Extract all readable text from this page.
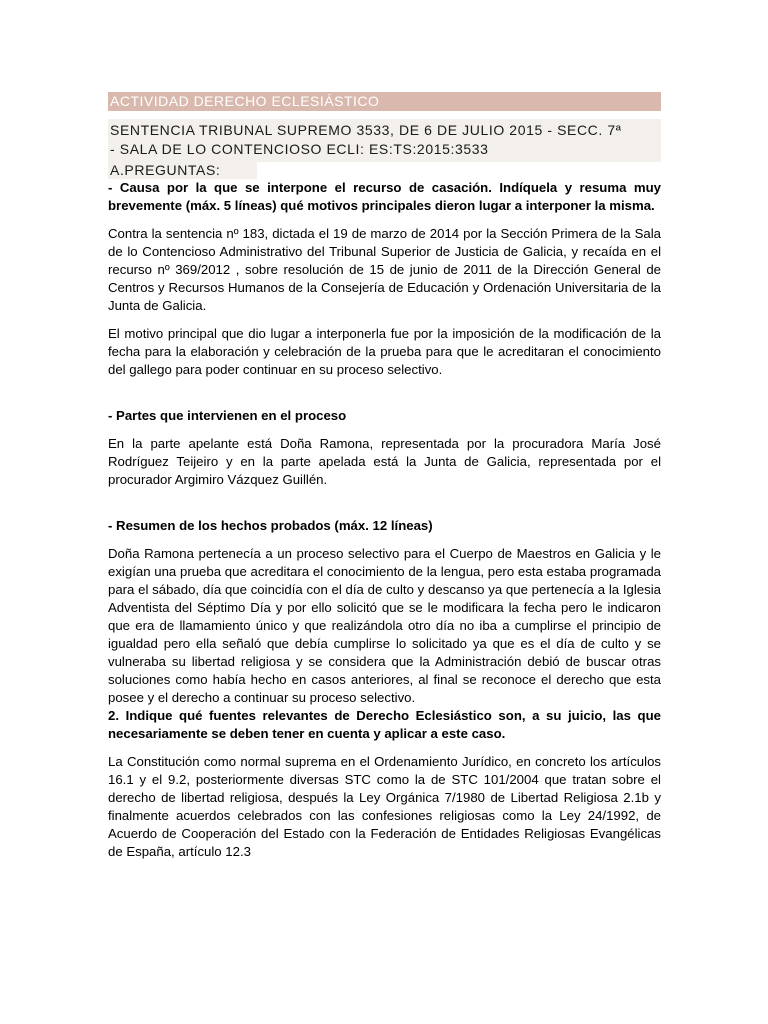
ACTIVIDAD DERECHO ECLESIÁSTICO
SENTENCIA TRIBUNAL SUPREMO 3533, DE 6 DE JULIO 2015 - SECC. 7ª
- SALA DE LO CONTENCIOSO ECLI: ES:TS:2015:3533
A.PREGUNTAS:

- Causa por la que se interpone el recurso de casación. Indíquela y resuma muy brevemente (máx. 5 líneas) qué motivos principales dieron lugar a interponer la misma.

Contra la sentencia nº 183, dictada el 19 de marzo de 2014 por la Sección Primera de la Sala de lo Contencioso Administrativo del Tribunal Superior de Justicia de Galicia, y recaída en el recurso nº 369/2012 , sobre resolución de 15 de junio de 2011 de la Dirección General de Centros y Recursos Humanos de la Consejería de Educación y Ordenación Universitaria de la Junta de Galicia.

El motivo principal que dio lugar a interponerla fue por la imposición de la modificación de la fecha para la elaboración y celebración de la prueba para que le acreditaran el conocimiento del gallego para poder continuar en su proceso selectivo.

- Partes que intervienen en el proceso

En la parte apelante está Doña Ramona, representada por la procuradora María José Rodríguez Teijeiro y en la parte apelada está la Junta de Galicia, representada por el procurador Argimiro Vázquez Guillén.

- Resumen de los hechos probados (máx. 12 líneas)

Doña Ramona pertenecía a un proceso selectivo para el Cuerpo de Maestros en Galicia y le exigían una prueba que acreditara el conocimiento de la lengua, pero esta estaba programada para el sábado, día que coincidía con el día de culto y descanso ya que pertenecía a la Iglesia Adventista del Séptimo Día y por ello solicitó que se le modificara la fecha pero le indicaron que era de llamamiento único y que realizándola otro día no iba a cumplirse el principio de igualdad pero ella señaló que debía cumplirse lo solicitado ya que es el día de culto y se vulneraba su libertad religiosa y se considera que la Administración debió de buscar otras soluciones como había hecho en casos anteriores, al final se reconoce el derecho que esta posee y el derecho a continuar su proceso selectivo.

2. Indique qué fuentes relevantes de Derecho Eclesiástico son, a su juicio, las que necesariamente se deben tener en cuenta y aplicar a este caso.

La Constitución como normal suprema en el Ordenamiento Jurídico, en concreto los artículos 16.1 y el 9.2, posteriormente diversas STC como la de STC 101/2004 que tratan sobre el derecho de libertad religiosa, después la Ley Orgánica 7/1980 de Libertad Religiosa 2.1b y finalmente acuerdos celebrados con las confesiones religiosas como la Ley 24/1992, de Acuerdo de Cooperación del Estado con la Federación de Entidades Religiosas Evangélicas de España, artículo 12.3
